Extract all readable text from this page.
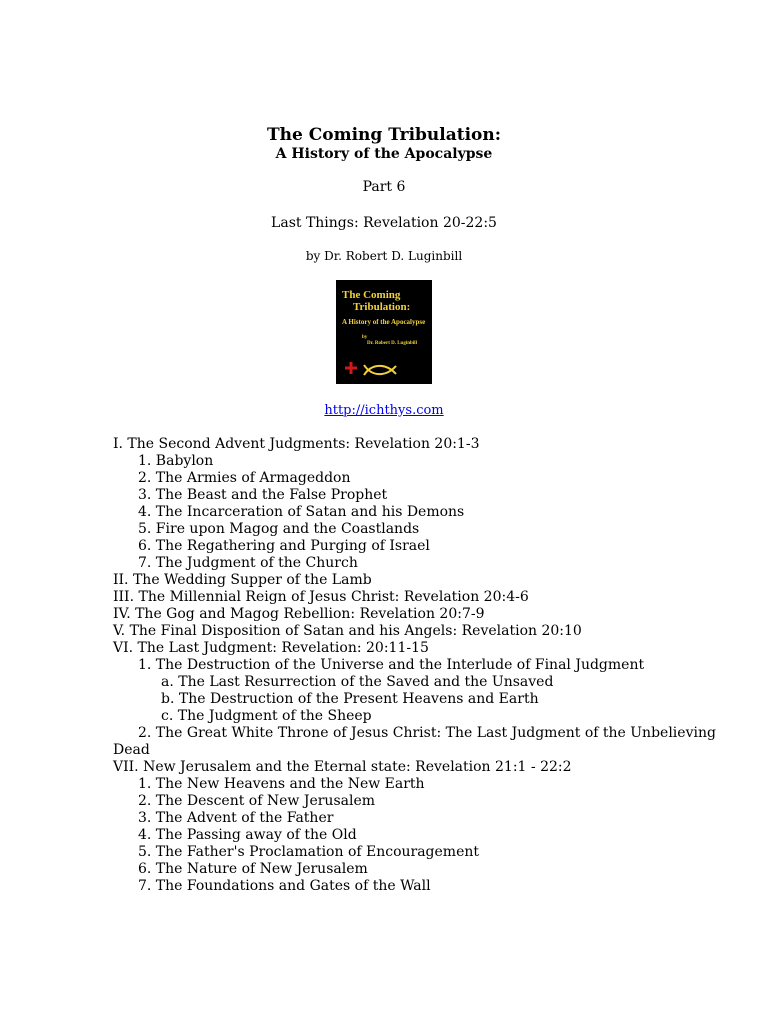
The Coming Tribulation:
A History of the Apocalypse
Part 6
Last Things: Revelation 20-22:5
by Dr. Robert D. Luginbill
The Coming
Tribulation:
A History of the Apocalypse
by
Dr. Robert D. Luginbill
http://ichthys.com
I. The Second Advent Judgments: Revelation 20:1-3
1. Babylon
2. The Armies of Armageddon
3. The Beast and the False Prophet
4. The Incarceration of Satan and his Demons
5. Fire upon Magog and the Coastlands
6. The Regathering and Purging of Israel
7. The Judgment of the Church
II. The Wedding Supper of the Lamb
III. The Millennial Reign of Jesus Christ: Revelation 20:4-6
IV. The Gog and Magog Rebellion: Revelation 20:7-9
V. The Final Disposition of Satan and his Angels: Revelation 20:10
VI. The Last Judgment: Revelation: 20:11-15
1. The Destruction of the Universe and the Interlude of Final Judgment
a. The Last Resurrection of the Saved and the Unsaved
b. The Destruction of the Present Heavens and Earth
c. The Judgment of the Sheep
2. The Great White Throne of Jesus Christ: The Last Judgment of the Unbelieving
Dead
VII. New Jerusalem and the Eternal state: Revelation 21:1 - 22:2
1. The New Heavens and the New Earth
2. The Descent of New Jerusalem
3. The Advent of the Father
4. The Passing away of the Old
5. The Father's Proclamation of Encouragement
6. The Nature of New Jerusalem
7. The Foundations and Gates of the Wall
